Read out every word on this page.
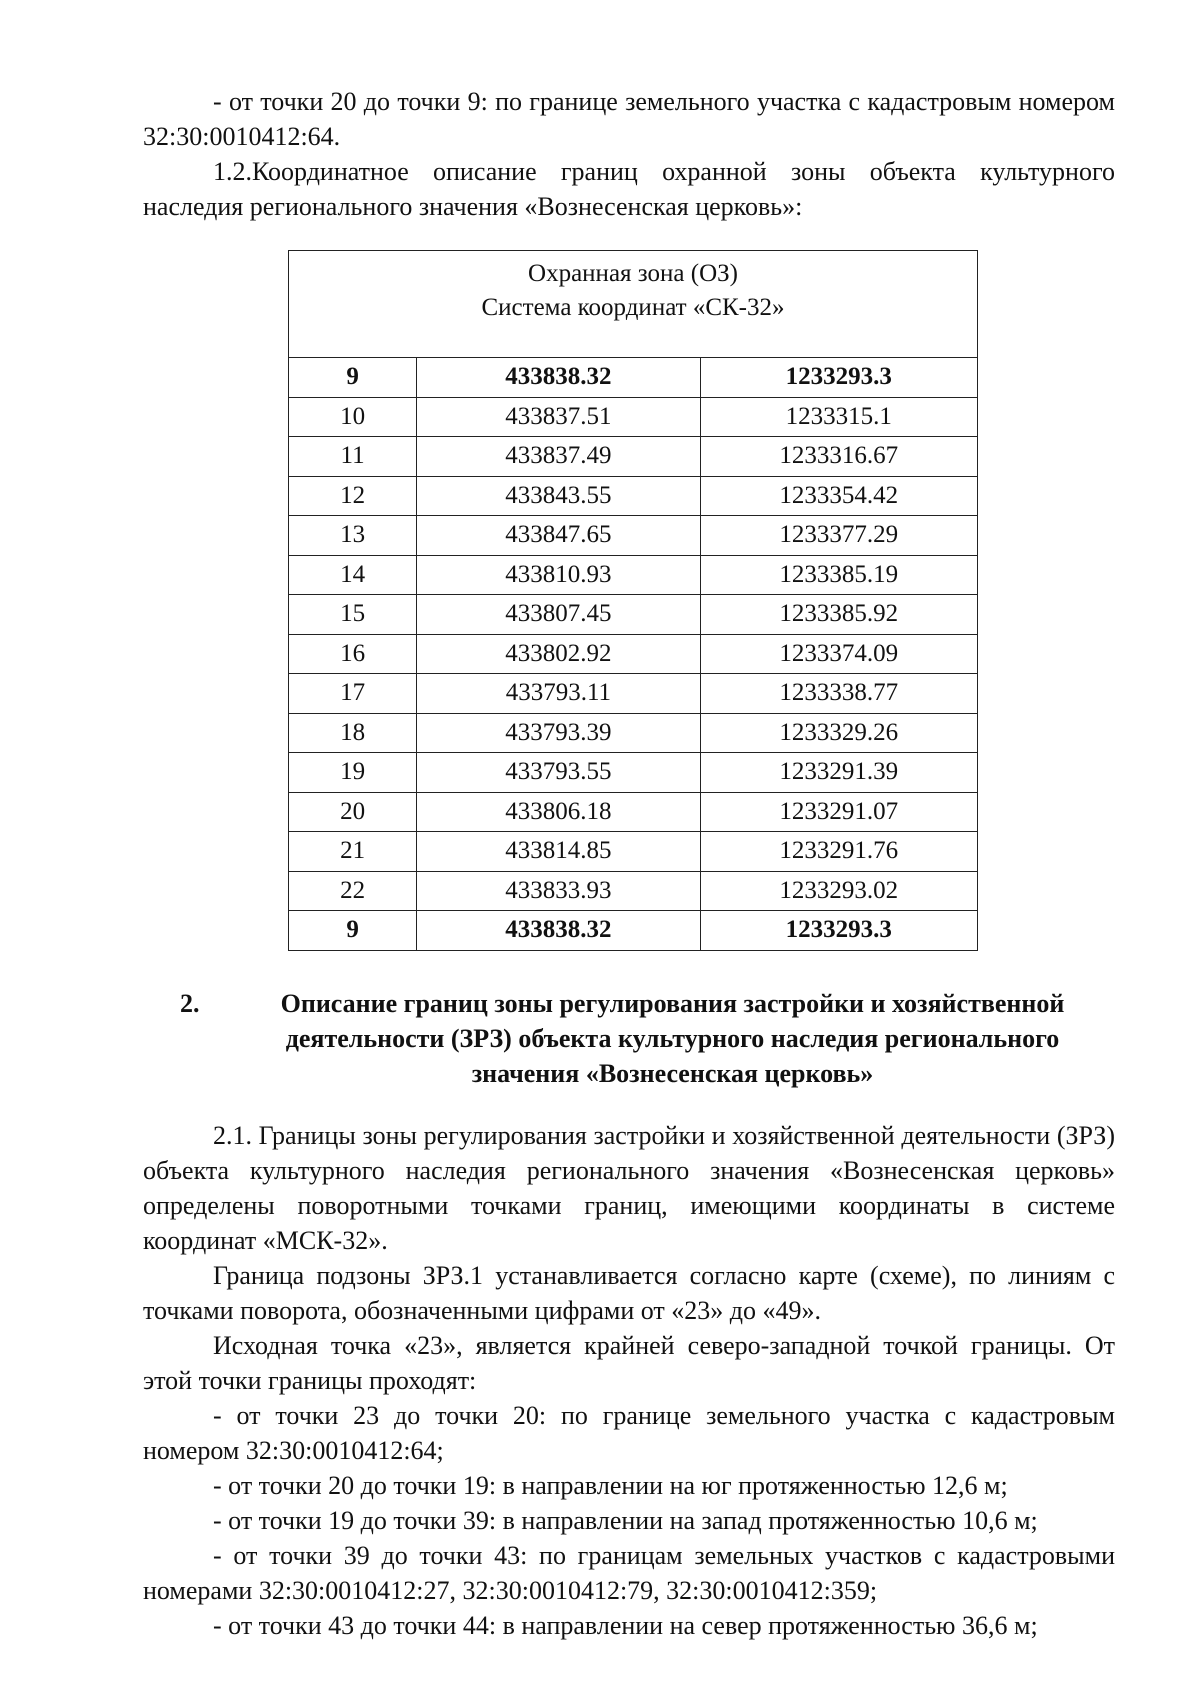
- от точки 20 до точки 9: по границе земельного участка с кадастровым номером 32:30:0010412:64.

1.2.Координатное описание границ охранной зоны объекта культурного наследия регионального значения «Вознесенская церковь»:

Охранная зона (ОЗ)
Система координат «СК-32»		

9	433838.32	1233293.3
10	433837.51	1233315.1
11	433837.49	1233316.67
12	433843.55	1233354.42
13	433847.65	1233377.29
14	433810.93	1233385.19
15	433807.45	1233385.92
16	433802.92	1233374.09
17	433793.11	1233338.77
18	433793.39	1233329.26
19	433793.55	1233291.39
20	433806.18	1233291.07
21	433814.85	1233291.76
22	433833.93	1233293.02
9	433838.32	1233293.3
2.	Описание границ зоны регулирования застройки и хозяйственной деятельности (ЗРЗ) объекта культурного наследия регионального значения «Вознесенская церковь»

2.1. Границы зоны регулирования застройки и хозяйственной деятельности (ЗРЗ) объекта культурного наследия регионального значения «Вознесенская церковь» определены поворотными точками границ, имеющими координаты в системе координат «МСК-32».

Граница подзоны ЗРЗ.1 устанавливается согласно карте (схеме), по линиям с точками поворота, обозначенными цифрами от «23» до «49».

Исходная точка «23», является крайней северо-западной точкой границы. От этой точки границы проходят:

- от точки 23 до точки 20: по границе земельного участка с кадастровым номером 32:30:0010412:64;

- от точки 20 до точки 19: в направлении на юг протяженностью 12,6 м;

- от точки 19 до точки 39: в направлении на запад протяженностью 10,6 м;

- от точки 39 до точки 43: по границам земельных участков с кадастровыми номерами 32:30:0010412:27, 32:30:0010412:79, 32:30:0010412:359;

- от точки 43 до точки 44: в направлении на север протяженностью 36,6 м;
